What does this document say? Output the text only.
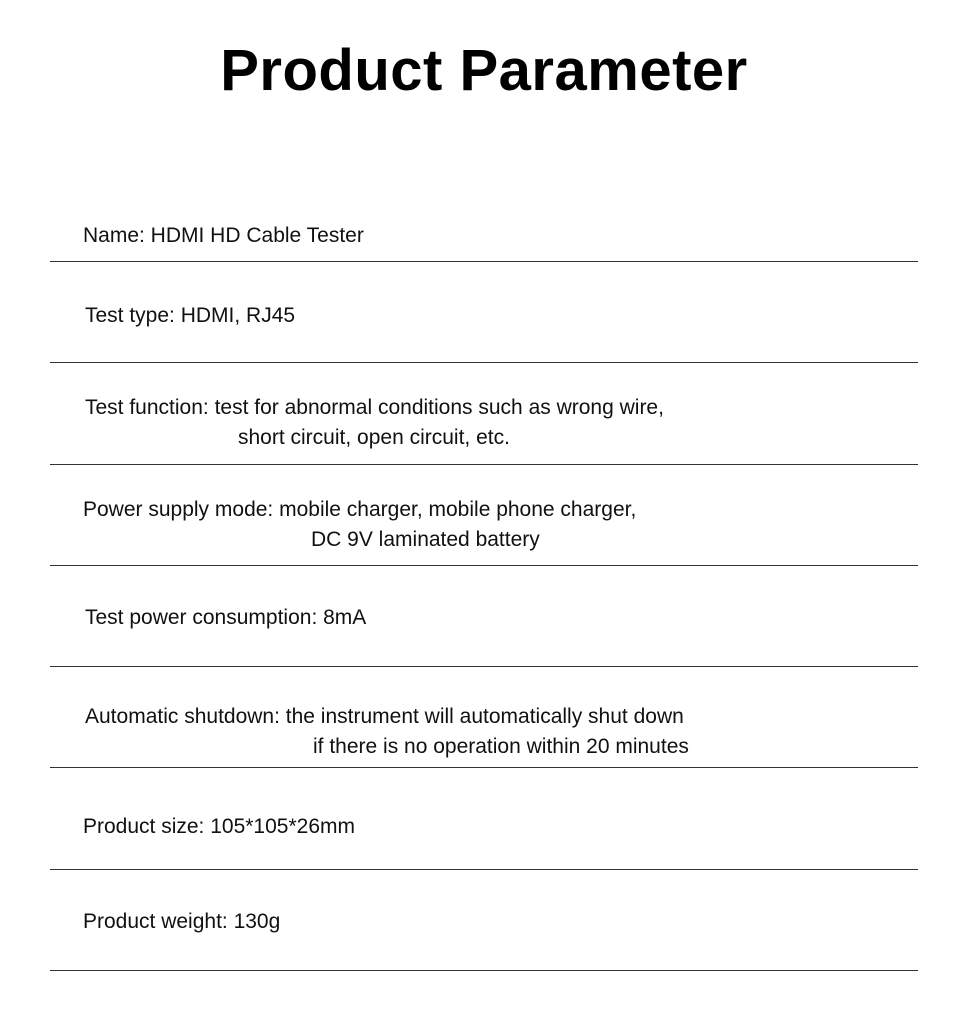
Product Parameter
Name: HDMI HD Cable Tester
Test type: HDMI, RJ45
Test function: test for abnormal conditions such as wrong wire,
short circuit, open circuit, etc.
Power supply mode: mobile charger, mobile phone charger,
DC 9V laminated battery
Test power consumption: 8mA
Automatic shutdown: the instrument will automatically shut down
if there is no operation within 20 minutes
Product size: 105*105*26mm
Product weight: 130g
